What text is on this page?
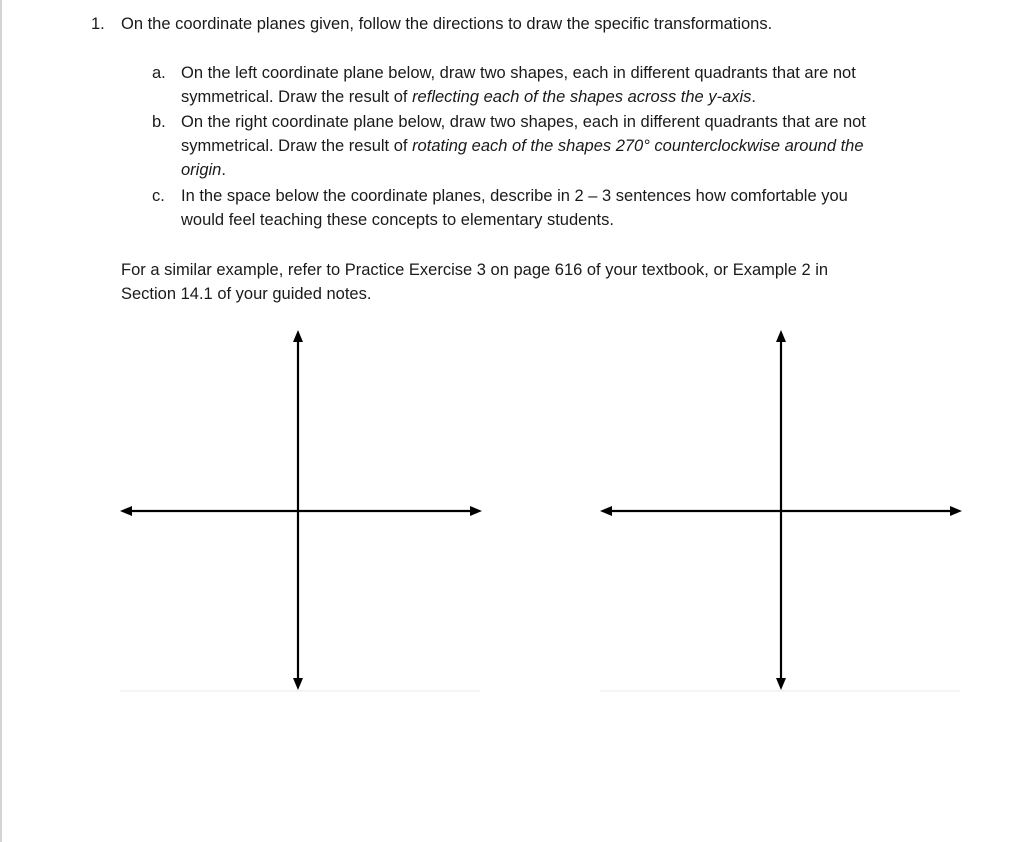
1. On the coordinate planes given, follow the directions to draw the specific transformations.
a. On the left coordinate plane below, draw two shapes, each in different quadrants that are not
symmetrical. Draw the result of reflecting each of the shapes across the y-axis.
b. On the right coordinate plane below, draw two shapes, each in different quadrants that are not
symmetrical. Draw the result of rotating each of the shapes 270° counterclockwise around the
origin.
c. In the space below the coordinate planes, describe in 2 – 3 sentences how comfortable you
would feel teaching these concepts to elementary students.
For a similar example, refer to Practice Exercise 3 on page 616 of your textbook, or Example 2 in
Section 14.1 of your guided notes.
